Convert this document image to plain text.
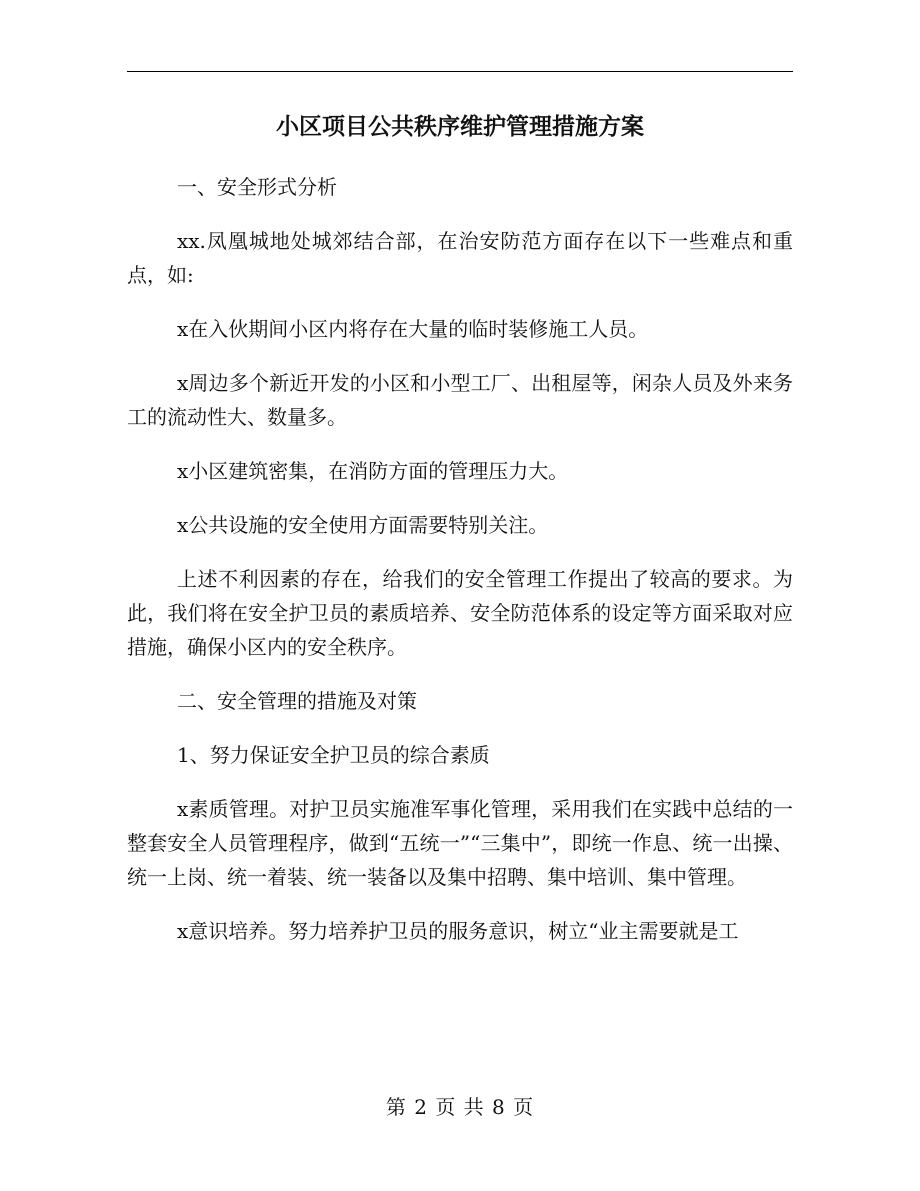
小区项目公共秩序维护管理措施方案

一、安全形式分析

xx.凤凰城地处城郊结合部，在治安防范方面存在以下一些难点和重点，如:

x在入伙期间小区内将存在大量的临时装修施工人员。

x周边多个新近开发的小区和小型工厂、出租屋等，闲杂人员及外来务工的流动性大、数量多。

x小区建筑密集，在消防方面的管理压力大。

x公共设施的安全使用方面需要特别关注。

上述不利因素的存在，给我们的安全管理工作提出了较高的要求。为此，我们将在安全护卫员的素质培养、安全防范体系的设定等方面采取对应措施，确保小区内的安全秩序。

二、安全管理的措施及对策

1、努力保证安全护卫员的综合素质

x素质管理。对护卫员实施准军事化管理，采用我们在实践中总结的一整套安全人员管理程序，做到“五统一”“三集中”，即统一作息、统一出操、统一上岗、统一着装、统一装备以及集中招聘、集中培训、集中管理。

x意识培养。努力培养护卫员的服务意识，树立“业主需要就是工

第 2 页 共 8 页
